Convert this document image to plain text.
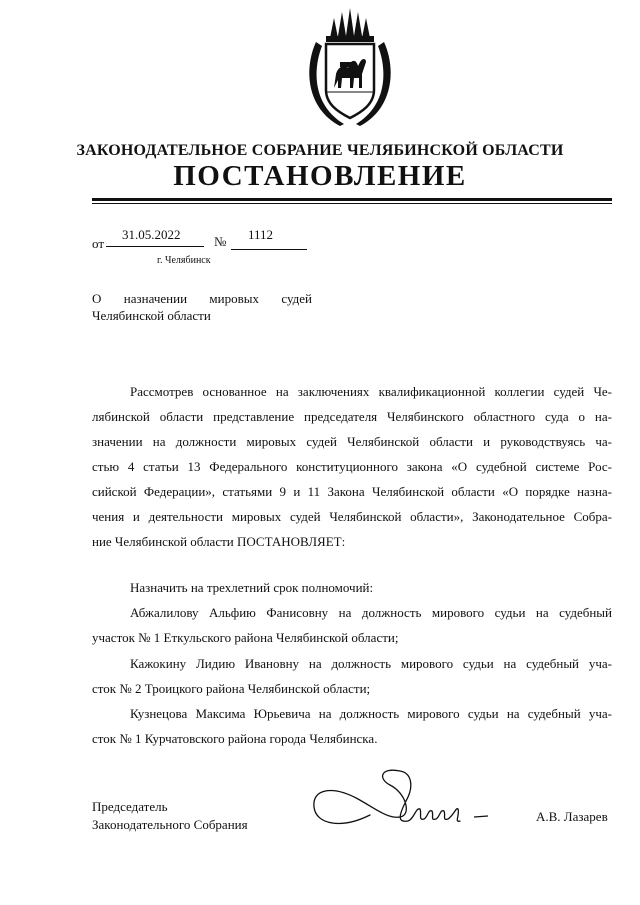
ЗАКОНОДАТЕЛЬНОЕ СОБРАНИЕ ЧЕЛЯБИНСКОЙ ОБЛАСТИ
ПОСТАНОВЛЕНИЕ
от
31.05.2022	№ 1112
г. Челябинск
О назначении мировых судей
Челябинской области
Рассмотрев основанное на заключениях квалификационной коллегии судей Че-
лябинской области представление председателя Челябинского областного суда о на-
значении на должности мировых судей Челябинской области и руководствуясь ча-
стью 4 статьи 13 Федерального конституционного закона «О судебной системе Рос-
сийской Федерации», статьями 9 и 11 Закона Челябинской области «О порядке назна-
чения и деятельности мировых судей Челябинской области», Законодательное Собра-
ние Челябинской области ПОСТАНОВЛЯЕТ:
Назначить на трехлетний срок полномочий:
Абжалилову Альфию Фанисовну на должность мирового судьи на судебный
участок № 1 Еткульского района Челябинской области;
Кажокину Лидию Ивановну на должность мирового судьи на судебный уча-
сток № 2 Троицкого района Челябинской области;
Кузнецова Максима Юрьевича на должность мирового судьи на судебный уча-
сток № 1 Курчатовского района города Челябинска.
Председатель
Законодательного Собрания
А.В. Лазарев
